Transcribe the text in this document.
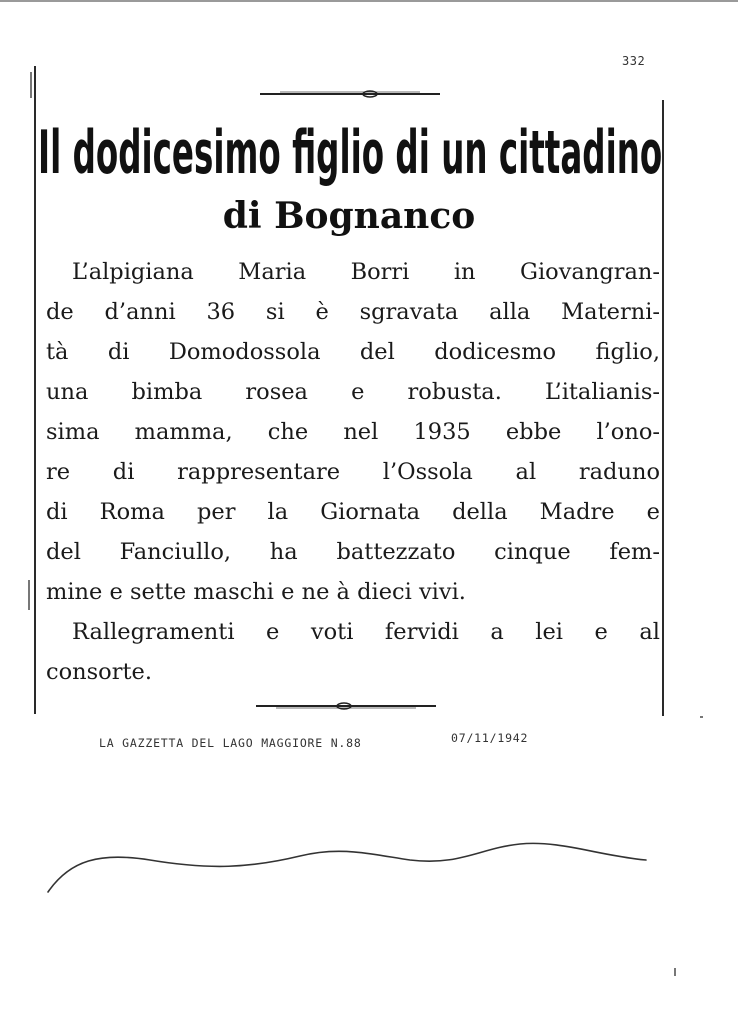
332
Il dodicesimo figlio di un cittadino
di Bognanco
L’alpigiana Maria Borri in Giovangran-
de d’anni 36 si è sgravata alla Materni-
tà di Domodossola del dodicesmo figlio,
una bimba rosea e robusta. L’italianis-
sima mamma, che nel 1935 ebbe l’ono-
re di rappresentare l’Ossola al raduno
di Roma per la Giornata della Madre e
del Fanciullo, ha battezzato cinque fem-
mine e sette maschi e ne à dieci vivi.
Rallegramenti e voti fervidi a lei e al
consorte.
LA GAZZETTA DEL LAGO MAGGIORE N.88	07/11/1942
